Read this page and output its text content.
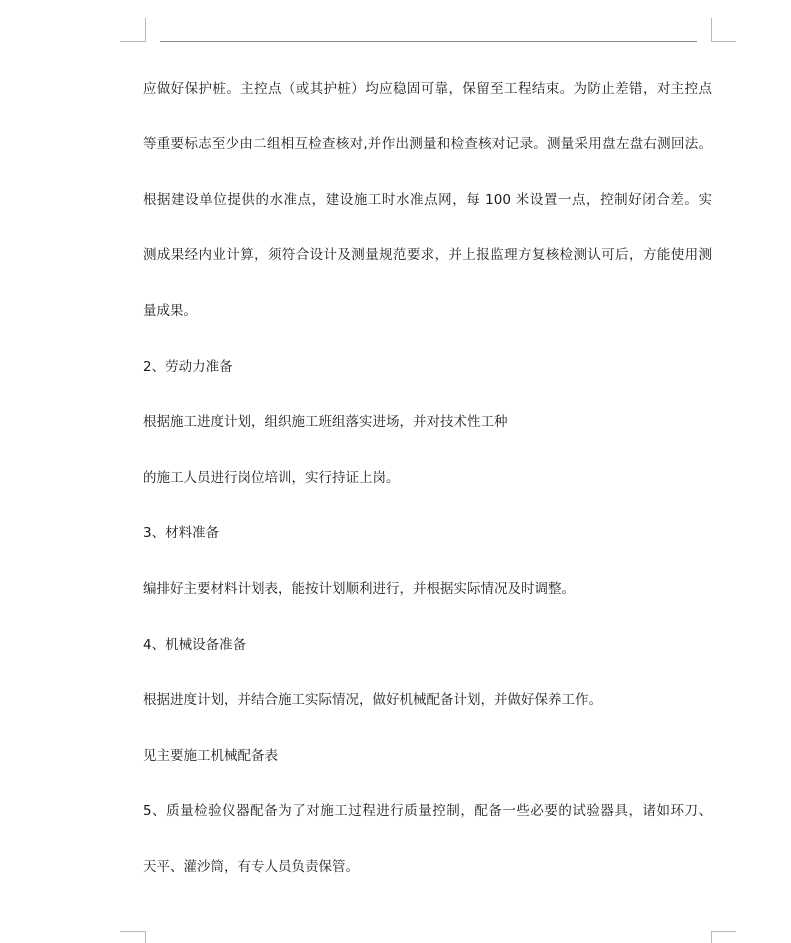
应做好保护桩。主控点（或其护桩）均应稳固可靠，保留至工程结束。为防止差错，对主控点
等重要标志至少由二组相互检查核对,并作出测量和检查核对记录。测量采用盘左盘右测回法。
根据建设单位提供的水准点，建设施工时水准点网，每 100 米设置一点，控制好闭合差。实
测成果经内业计算，须符合设计及测量规范要求，并上报监理方复核检测认可后，方能使用测
量成果。
2、劳动力准备
根据施工进度计划，组织施工班组落实进场，并对技术性工种
的施工人员进行岗位培训，实行持证上岗。
3、材料准备
编排好主要材料计划表，能按计划顺利进行，并根据实际情况及时调整。
4、机械设备准备
根据进度计划，并结合施工实际情况，做好机械配备计划，并做好保养工作。
见主要施工机械配备表
5、质量检验仪器配备为了对施工过程进行质量控制，配备一些必要的试验器具，诸如环刀、
天平、灌沙筒，有专人员负责保管。
